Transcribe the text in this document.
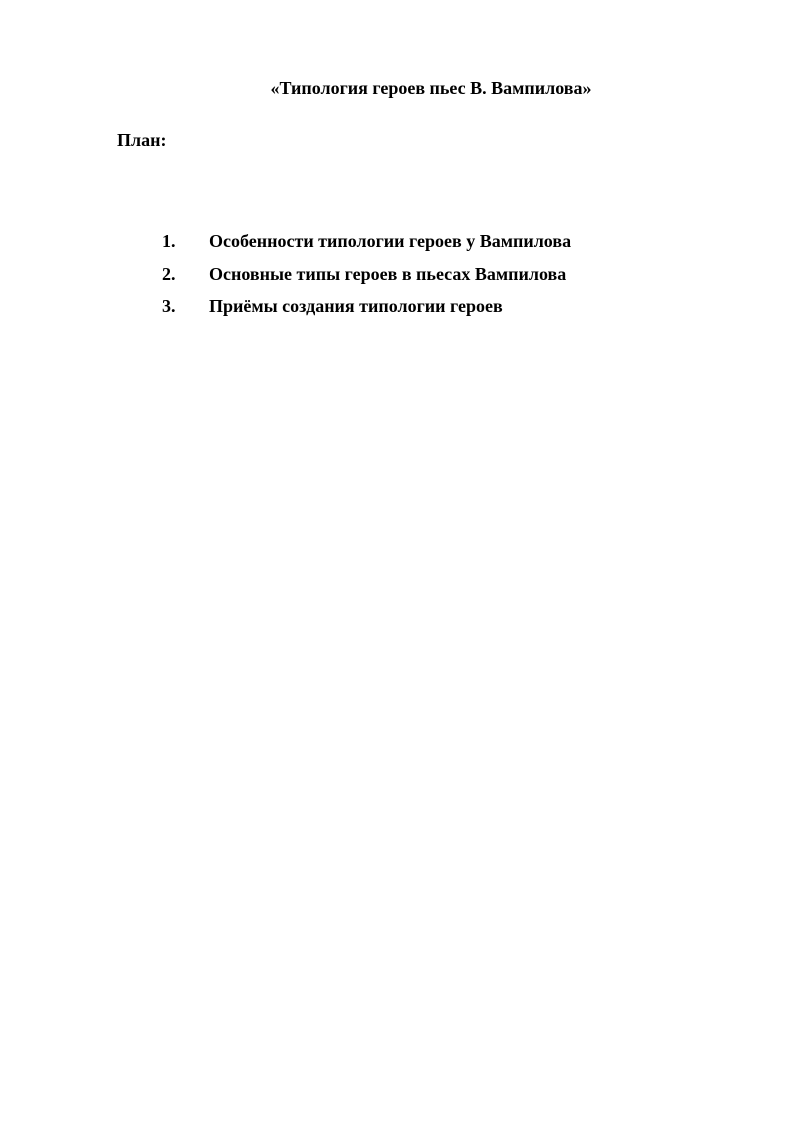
«Типология героев пьес В. Вампилова»
План:
1. Особенности типологии героев у Вампилова
2. Основные типы героев в пьесах Вампилова
3. Приёмы создания типологии героев
